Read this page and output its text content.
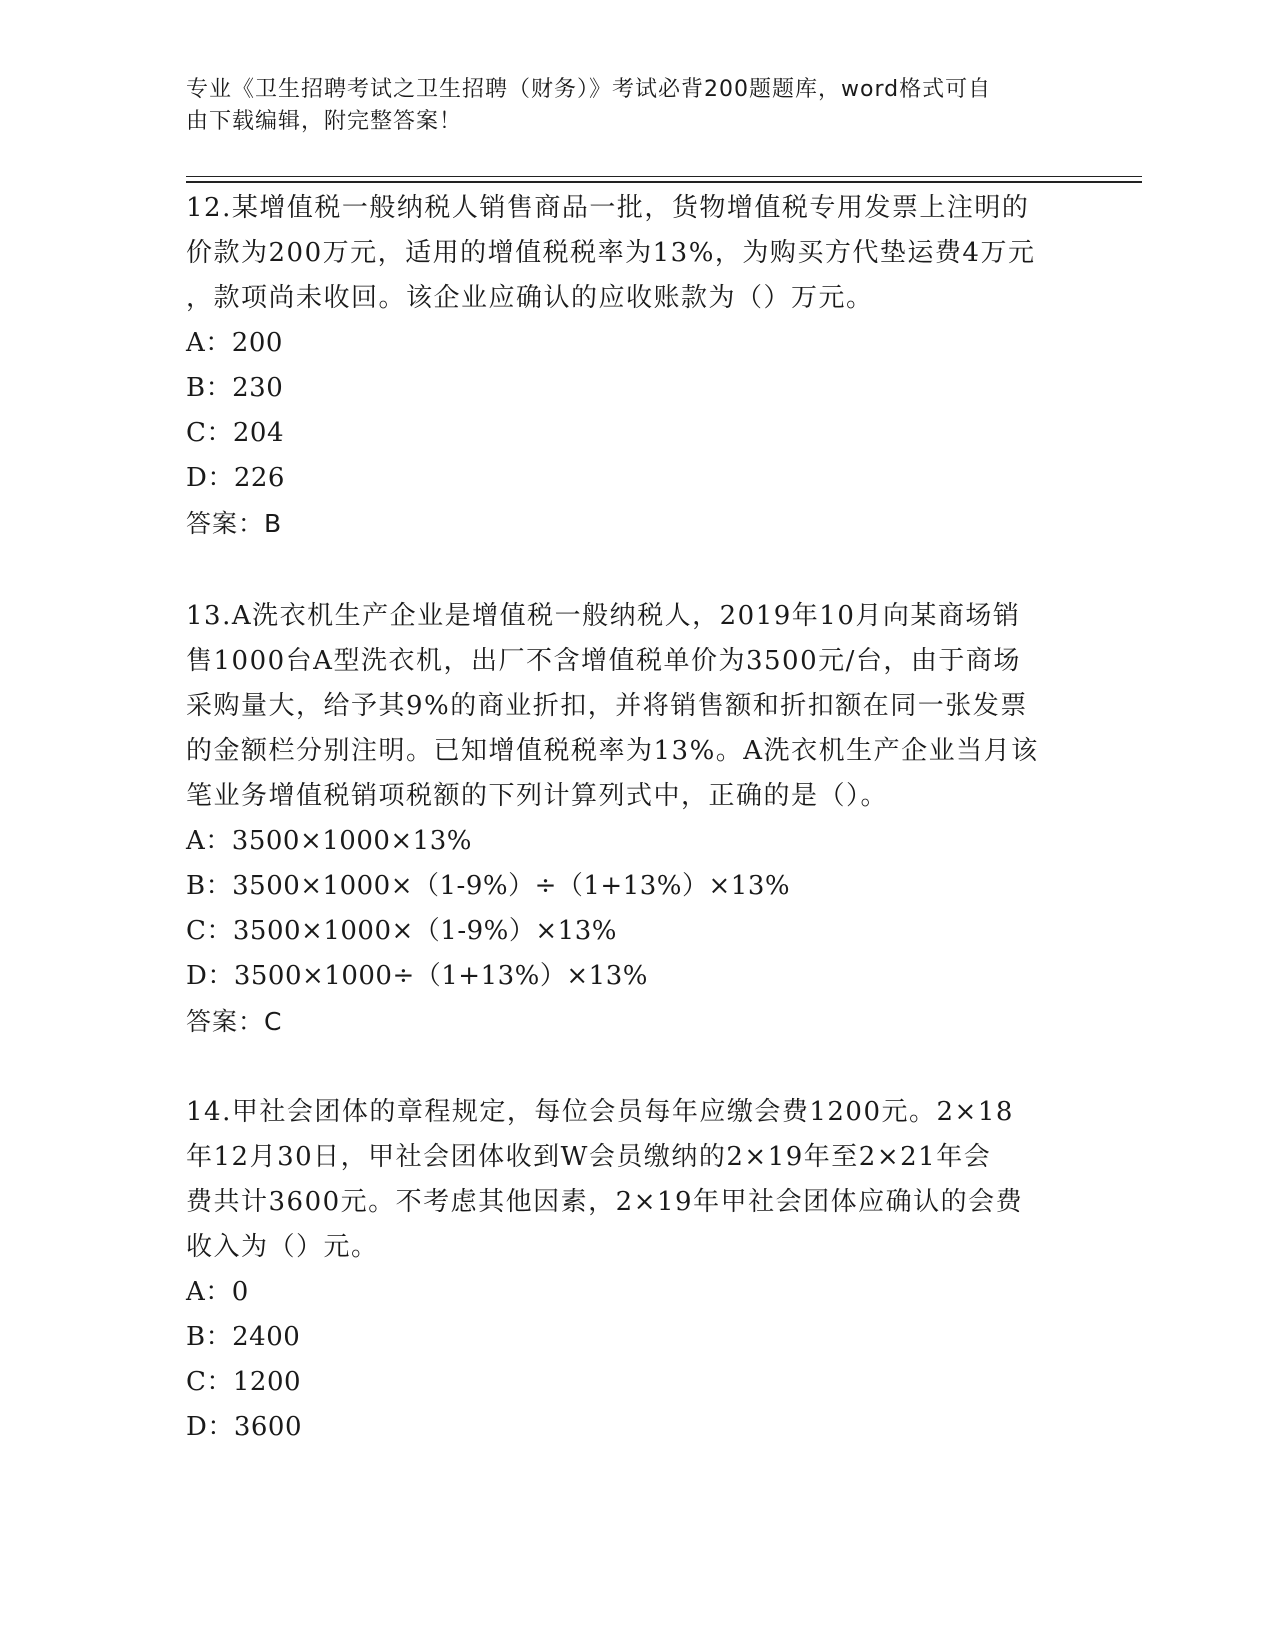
专业《卫生招聘考试之卫生招聘（财务）》考试必背200题题库，word格式可自
由下载编辑，附完整答案！

12.某增值税一般纳税人销售商品一批，货物增值税专用发票上注明的

价款为200万元，适用的增值税税率为13%，为购买方代垫运费4万元

，款项尚未收回。该企业应确认的应收账款为（）万元。

A：200

B：230

C：204

D：226

答案：B

13.A洗衣机生产企业是增值税一般纳税人，2019年10月向某商场销

售1000台A型洗衣机，出厂不含增值税单价为3500元/台，由于商场

采购量大，给予其9%的商业折扣，并将销售额和折扣额在同一张发票

的金额栏分别注明。已知增值税税率为13%。A洗衣机生产企业当月该

笔业务增值税销项税额的下列计算列式中，正确的是（）。

A：3500×1000×13%

B：3500×1000×（1-9%）÷（1+13%）×13%

C：3500×1000×（1-9%）×13%

D：3500×1000÷（1+13%）×13%

答案：C

14.甲社会团体的章程规定，每位会员每年应缴会费1200元。2×18

年12月30日，甲社会团体收到W会员缴纳的2×19年至2×21年会

费共计3600元。不考虑其他因素，2×19年甲社会团体应确认的会费

收入为（）元。

A：0

B：2400

C：1200

D：3600
